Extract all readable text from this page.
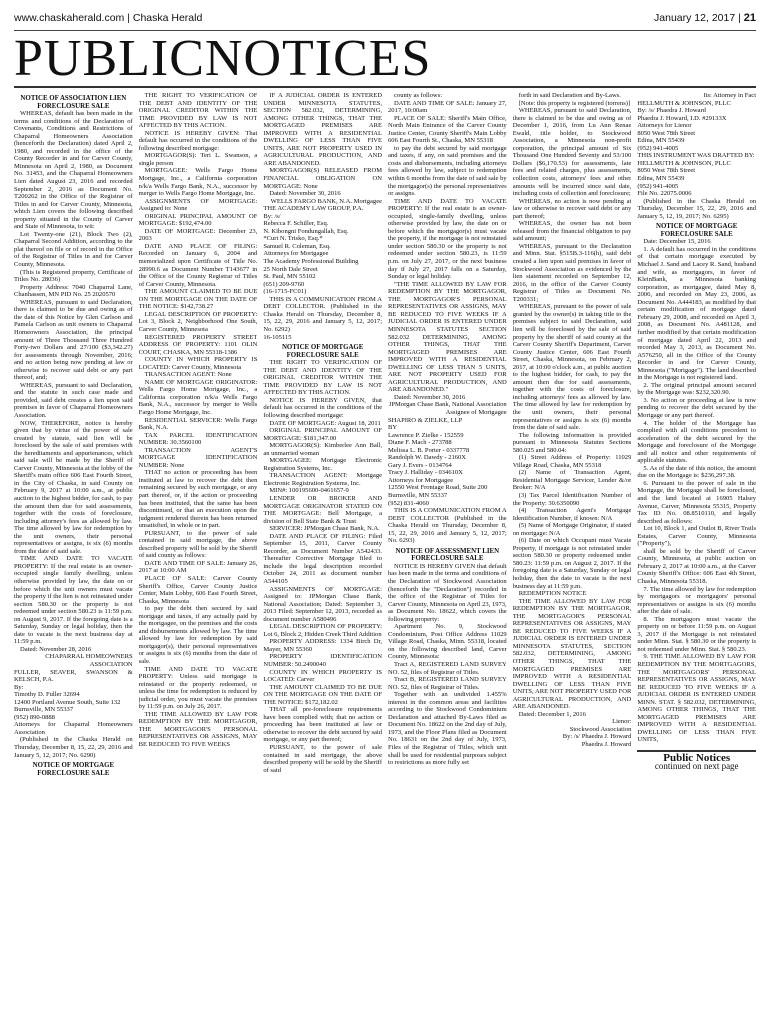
www.chaskaherald.com | Chaska Herald	January 12, 2017 | 21
PUBLICNOTICES

NOTICE OF ASSOCIATION LIEN FORECLOSURE SALE

WHEREAS, default has been made in the terms and conditions of the Declaration of Covenants, Conditions and Restrictions of Chaparral Homeowners Association (henceforth the Declaration) dated April 2, 1980, and recorded in the office of the County Recorder in and for Carver County, Minnesota on April 2, 1980, as Document No. 31453, and the Chaparral Homeowners Lien dated August 23, 2016 and recorded September 2, 2016 as Document No. T200262 in the Office of the Registrar of Titles in and for Carver County, Minnesota, which Lien covers the following described property situated in the County of Carver and State of Minnesota, to wit:

Lot Twenty-one (21), Block Two (2), Chaparral Second Addition, according to the plat thereof on file or of record in the Office of the Registrar of Titles in and for Carver County, Minnesota.

(This is Registered property, Certificate of Titles No. 28036)

Property Address: 7040 Chaparral Lane, Chanhassen, MN PID No. 25 2020570

WHEREAS, pursuant to said Declaration, there is claimed to be due and owing as of the date of this Notice by Glen Carlson and Pamela Carlson as unit owners to Chaparral Homeowners Association, the principal amount of Three Thousand Three Hundred Forty-two Dollars and 27/100 ($3,342.27) for assessments through November, 2016; and no action being now pending at law or otherwise to recover said debt or any part thereof, and;

WHEREAS, pursuant to said Declaration, and the statute in such case made and provided, said debt creates a lien upon said premises in favor of Chaparral Homeowners Association.

NOW, THEREFORE, notice is hereby given that by virtue of the power of sale created by statute, said lien will be foreclosed by the sale of said premises with the hereditaments and appurtenances, which said sale will be made by the Sheriff of Carver County, Minnesota at the lobby of the Sheriff's main office 606 East Fourth Street, in the City of Chaska, in said County on February 9, 2017 at 10:00 a.m., at public auction to the highest bidder, for cash, to pay the amount then due for said assessments, together with the costs of foreclosure, including attorney's fees as allowed by law. The time allowed by law for redemption by the unit owners, their personal representatives or assigns, is six (6) months from the date of said sale.

TIME AND DATE TO VACATE PROPERTY: If the real estate is an owner-occupied single family dwelling, unless otherwise provided by law, the date on or before which the unit owners must vacate the property if the lien is not reinstated under section 580.30 or the property is not redeemed under section 580.23 is 11:59 p.m. on August 9, 2017. If the foregoing date is a Saturday, Sunday or legal holiday, then the date to vacate is the next business day at 11:59 p.m.

Dated: November 28, 2016

CHAPARRAL HOMEOWNERS ASSOCIATION

FULLER, SEAVER, SWANSON & KELSCH, P.A.

By:

Timothy D. Fuller 32694

12400 Portland Avenue South, Suite 132

Burnsville, MN 55337

(952) 890-0888

Attorneys for Chaparral Homeowners Association

(Published in the Chaska Herald on Thursday, December 8, 15, 22, 29, 2016 and January 5, 12, 2017; No. 6290)

NOTICE OF MORTGAGE FORECLOSURE SALE

THE RIGHT TO VERIFICATION OF THE DEBT AND IDENTITY OF THE ORIGINAL CREDITOR WITHIN THE TIME PROVIDED BY LAW IS NOT AFFECTED BY THIS ACTION.

NOTICE IS HEREBY GIVEN: That default has occurred in the conditions of the following described mortgage:

MORTGAGOR(S): Teri L. Swanson, a single person

MORTGAGEE: Wells Fargo Home Mortgage, Inc., a California corporation n/k/a Wells Fargo Bank, N.A., successor by merger to Wells Fargo Home Mortgage, Inc.

ASSIGNMENTS OF MORTGAGE: Assigned to: None

ORIGINAL PRINCIPAL AMOUNT OF MORTGAGE: $192,474.00

DATE OF MORTGAGE: December 23, 2003

DATE AND PLACE OF FILING: Recorded on January 6, 2004 and memorialized upon Certificate of Title No. 28990.6 as Document Number T143677 in the Office of the County Registrar of Titles of Carver County, Minnesota.

THE AMOUNT CLAIMED TO BE DUE ON THE MORTGAGE ON THE DATE OF THE NOTICE: $142,738.27

LEGAL DESCRIPTION OF PROPERTY: Lot 3, Block 2, Neighborhood One South, Carver County, Minnesota

REGISTERED PROPERTY STREET ADDRESS OF PROPERTY: 1101 OLIN COURT, CHASKA, MN 55318-1386

COUNTY IN WHICH PROPERTY IS LOCATED: Carver County, Minnesota

TRANSACTION AGENT: None

NAME OF MORTGAGE ORIGINATOR: Wells Fargo Home Mortgage, Inc., a California corporation n/k/a Wells Fargo Bank, N.A., successor by merger to Wells Fargo Home Mortgage, Inc.

RESIDENTIAL SERVICER: Wells Fargo Bank, N.A.

TAX PARCEL IDENTIFICATION NUMBER: 30.3560100

TRANSACTION AGENT'S MORTGAGE IDENTIFICATION NUMBER: None

THAT no action or proceeding has been instituted at law to recover the debt then remaining secured by such mortgage, or any part thereof, or, if the action or proceeding has been instituted, that the same has been discontinued, or that an execution upon the judgment rendered therein has been returned unsatisfied, in whole or in part.

PURSUANT, to the power of sale contained in said mortgage, the above described property will be sold by the Sheriff of said county as follows:

DATE AND TIME OF SALE: January 26, 2017 at 10:00 AM

PLACE OF SALE: Carver County Sheriff's Office, Carver County Justice Center, Main Lobby, 606 East Fourth Street, Chaska, Minnesota

to pay the debt then secured by said mortgage and taxes, if any actually paid by the mortgagee, on the premises and the costs and disbursements allowed by law. The time allowed by law for redemption by said mortgagor(s), their personal representatives or assigns is six (6) months from the date of sale.

TIME AND DATE TO VACATE PROPERTY: Unless said mortgage is reinstated or the property redeemed, or unless the time for redemption is reduced by judicial order, you must vacate the premises by 11:59 p.m. on July 26, 2017.

THE TIME ALLOWED BY LAW FOR REDEMPTION BY THE MORTGAGOR, THE MORTGAGOR'S PERSONAL REPRESENTATIVES OR ASSIGNS, MAY BE REDUCED TO FIVE WEEKS

IF A JUDICIAL ORDER IS ENTERED UNDER MINNESOTA STATUTES, SECTION 582.032, DETERMINING, AMONG OTHER THINGS, THAT THE MORTGAGED PREMISES ARE IMPROVED WITH A RESIDENTIAL DWELLING OF LESS THAN FIVE UNITS, ARE NOT PROPERTY USED IN AGRICULTURAL PRODUCTION, AND ARE ABANDONED.

MORTGAGOR(S) RELEASED FROM FINANCIAL OBLIGATION ON MORTGAGE: None

Dated: November 30, 2016

WELLS FARGO BANK, N.A. Mortgagee

THE ACADEMY LAW GROUP, P.A.

By: /s/

Rebecca F. Schiller, Esq.

N. Kibongni Fondungallah, Esq.

*Curt N. Trisko, Esq.*

Samuel R. Coleman, Esq.

Attorneys for Mortgagee

The Academy Professional Building

25 North Dale Street

St. Paul, MN 55102

(651) 209-9760

(16-1715-FC01)

THIS IS A COMMUNICATION FROM A DEBT COLLECTOR. (Published in the Chaska Herald on Thursday, December 8, 15, 22, 29, 2016 and January 5, 12, 2017; No. 6292)

16-105115

NOTICE OF MORTGAGE FORECLOSURE SALE

THE RIGHT TO VERIFICATION OF THE DEBT AND IDENTITY OF THE ORIGINAL CREDITOR WITHIN THE TIME PROVIDED BY LAW IS NOT AFFECTED BY THIS ACTION.

NOTICE IS HEREBY GIVEN, that default has occurred in the conditions of the following described mortgage:

DATE OF MORTGAGE: August 18, 2011

ORIGINAL PRINCIPAL AMOUNT OF MORTGAGE: $181,347.00

MORTGAGOR(S): Kimberlee Ann Ball, an unmarried woman

MORTGAGEE: Mortgage Electronic Registration Systems, Inc.

TRANSACTION AGENT: Mortgage Electronic Registration Systems, Inc.

MIN#: 100195600-0461657-9

LENDER OR BROKER AND MORTGAGE ORIGINATOR STATED ON THE MORTGAGE: Bell Mortgage, a division of Bell State Bank & Trust

SERVICER: JPMorgan Chase Bank, N.A.

DATE AND PLACE OF FILING: Filed September 15, 2011, Carver County Recorder, as Document Number A542433. Thereafter Corrective Mortgage filed to include the legal description recorded October 24, 2011 as document number A544105

ASSIGNMENTS OF MORTGAGE: Assigned to: JPMorgan Chase Bank, National Association; Dated: September 3, 2013 Filed: September 12, 2013, recorded as document number A580496

LEGAL DESCRIPTION OF PROPERTY: Lot 6, Block 2, Hidden Creek Third Addition

PROPERTY ADDRESS: 1334 Birch Dr, Mayer, MN 55360

PROPERTY IDENTIFICATION NUMBER: 50.2490040

COUNTY IN WHICH PROPERTY IS LOCATED: Carver

THE AMOUNT CLAIMED TO BE DUE ON THE MORTGAGE ON THE DATE OF THE NOTICE: $172,182.02

THAT all pre-foreclosure requirements have been complied with; that no action or proceeding has been instituted at law or otherwise to recover the debt secured by said mortgage, or any part thereof;

PURSUANT, to the power of sale contained in said mortgage, the above described property will be sold by the Sheriff of said

county as follows:

DATE AND TIME OF SALE: January 27, 2017, 10:00am

PLACE OF SALE: Sheriff's Main Office, North Main Entrance of the Carver County Justice Center, County Sheriff's Main Lobby 606 East Fourth St., Chaska, MN 55318

to pay the debt secured by said mortgage and taxes, if any, on said premises and the costs and disbursements, including attorneys fees allowed by law, subject to redemption within 6 months from the date of said sale by the mortgagor(s) the personal representatives or assigns.

TIME AND DATE TO VACATE PROPERTY: If the real estate is an owner-occupied, single-family dwelling, unless otherwise provided by law, the date on or before which the mortgagor(s) must vacate the property, if the mortgage is not reinstated under section 580.30 or the property is not redeemed under section 580.23, is 11:59 p.m. on July 27, 2017, or the next business day if July 27, 2017 falls on a Saturday, Sunday or legal holiday.

"THE TIME ALLOWED BY LAW FOR REDEMPTION BY THE MORTGAGOR, THE MORTGAGOR'S PERSONAL REPRESENTATIVES OR ASSIGNS, MAY BE REDUCED TO FIVE WEEKS IF A JUDICIAL ORDER IS ENTERED UNDER MINNESOTA STATUTES SECTION 582.032 DETERMINING, AMONG OTHER THINGS, THAT THE MORTGAGED PREMISES ARE IMPROVED WITH A RESIDENTIAL DWELLING OF LESS THAN 5 UNITS, ARE NOT PROPERTY USED FOR AGRICULTURAL PRODUCTION, AND ARE ABANDONED."

Dated: November 30, 2016

JPMorgan Chase Bank, National Association Assignee of Mortgagee

SHAPIRO & ZIELKE, LLP

BY

Lawrence P. Zielke - 152559

Diane F. Mach - 273788

Melissa L. B. Porter - 0337778

Randolph W. Dawdy - 2160X

Gary J. Evers - 0134764

Tracy J. Halliday - 034610X

Attorneys for Mortgagee

12550 West Frontage Road, Suite 200

Burnsville, MN 55337

(952) 831-4060

THIS IS A COMMUNICATION FROM A DEBT COLLECTOR (Published in the Chaska Herald on Thursday, December 8, 15, 22, 29, 2016 and January 5, 12, 2017; No. 6293)

NOTICE OF ASSESSMENT LIEN FORECLOSURE SALE

NOTICE IS HEREBY GIVEN that default has been made in the terms and conditions of the Declaration of Stockwood Association (henceforth the "Declaration") recorded in the office of the Registrar of Titles for Carver County, Minnesota on April 23, 1973, as Document No. 18622, which covers the following property:

Apartment No. 9, Stockwood Condominium, Post Office Address 11029 Village Road, Chaska, Minn. 55318, located on the following described land, Carver County, Minnesota:

Tract A, REGISTERED LAND SURVEY NO. 52, files of Registrar of Titles.

Tract B, REGISTERED LAND SURVEY NO. 52, files of Registrar of Titles.

Together with an undivided 1.455% interest in the common areas and facilities according to the Stockwood Condominium Declaration and attached By-Laws filed as Document No. 18622 on the 2nd day of July, 1973, and the Floor Plans filed as Document No. 18631 on the 2nd day of July, 1973, Files of the Registrar of Titles, which unit shall be used for residential purposes subject to restrictions as more fully set

forth in said Declaration and By-Laws.

[Note: this property is registered (torrens)]

WHEREAS, pursuant to said Declaration, there is claimed to be due and owing as of December 1, 2016, from Lu Ann Renae Ewald, title holder, to Stockwood Association, a Minnesota non-profit corporation, the principal amount of Six Thousand One Hundred Seventy and 53/100 Dollars ($6,170.53) for assessments, late fees and related charges, plus assessments, collection costs, attorneys' fees and other amounts will be incurred since said date, including costs of collection and foreclosure;

WHEREAS, no action is now pending at law or otherwise to recover said debt or any part thereof;

WHEREAS, the owner has not been released from the financial obligation to pay said amount;

WHEREAS, pursuant to the Declaration and Minn. Stat. §515B.3-116(h), said debt created a lien upon said premises in favor of Stockwood Association as evidenced by the lien statement recorded on September 12, 2016, in the office of the Carver County Registrar of Titles as Document No. T200331;

WHEREAS, pursuant to the power of sale granted by the owner(s) in taking title to the premises subject to said Declaration, said lien will be foreclosed by the sale of said property by the sheriff of said county at the Carver County Sheriff's Department, Carver County Justice Center, 606 East Fourth Street, Chaska, Minnesota, on February 2, 2017, at 10:00 o'clock a.m., at public auction to the highest bidder, for cash, to pay the amount then due for said assessments, together with the costs of foreclosure, including attorneys' fees as allowed by law. The time allowed by law for redemption by the unit owners, their personal representatives or assigns is six (6) months from the date of said sale.

The following information is provided pursuant to Minnesota Statutes Sections 580.025 and 580.04:

(1) Street Address of Property: 11029 Village Road, Chaska, MN 55318

(2) Name of Transaction Agent, Residential Mortgage Servicer, Lender &/or Broker: N/A

(3) Tax Parcel Identification Number of the Property: 30.6350090

(4) Transaction Agent's Mortgage Identification Number, if known: N/A

(5) Name of Mortgage Originator, if stated on mortgage: N/A

(6) Date on which Occupant must Vacate Property, if mortgage is not reinstated under section 580.30 or property redeemed under 580.23: 11:59 p.m. on August 2, 2017. If the foregoing date is a Saturday, Sunday or legal holiday, then the date to vacate is the next business day at 11:59 p.m.

REDEMPTION NOTICE

THE TIME ALLOWED BY LAW FOR REDEMPTION BY THE MORTGAGOR, THE MORTGAGOR'S PERSONAL REPRESENTATIVES OR ASSIGNS, MAY BE REDUCED TO FIVE WEEKS IF A JUDICIAL ORDER IS ENTERED UNDER MINNESOTA STATUTES, SECTION 582.032, DETERMINING, AMONG OTHER THINGS, THAT THE MORTGAGED PREMISES ARE IMPROVED WITH A RESIDENTIAL DWELLING OF LESS THAN FIVE UNITS, ARE NOT PROPERTY USED FOR AGRICULTURAL PRODUCTION, AND ARE ABANDONED.

Dated: December 1, 2016

Lienor:

Stockwood Association

By: /s/ Phaedra J. Howard

Phaedra J. Howard

Its: Attorney in Fact

HELLMUTH & JOHNSON, PLLC

By: /s/ Phaedra J. Howard

Phaedra J. Howard, I.D. #29133X

Attorneys for Lienor

8050 West 78th Street

Edina, MN 55439

(952) 941-4005

THIS INSTRUMENT WAS DRAFTED BY:

HELLMUTH & JOHNSON, PLLC

8050 West 78th Street

Edina, MN 55439

(952) 941-4005

File No. 22075.0006

(Published in the Chaska Herald on Thursday, December 15, 22, 29, 2016 and January 5, 12, 19, 2017; No. 6295)

NOTICE OF MORTGAGE FORECLOSURE SALE

Date: December 15, 2016

1. A default has occurred in the conditions of that certain mortgage executed by Michael J. Sand and Lacey R. Sand, husband and wife, as mortgagors, in favor of KleinBank, a Minnesota banking corporation, as mortgagee, dated May 8, 2006, and recorded on May 23, 2006, as Document No. A444183, as modified by that certain modification of mortgage dated February 29, 2008, and recorded on April 3, 2008, as Document No. A481128, and further modified by that certain modification of mortgage dated April 22, 2013 and recorded May 3, 2013, as Document No. A576250, all in the Office of the County Recorder in and for Carver County, Minnesota ("Mortgage"). The land described in the Mortgage is not registered land.

2. The original principal amount secured by the Mortgage was: $232,320.90.

3. No action or proceeding at law is now pending to recover the debt secured by the Mortgage or any part thereof.

4. The holder of the Mortgage has complied with all conditions precedent to acceleration of the debt secured by the Mortgage and foreclosure of the Mortgage and all notice and other requirements of applicable statutes.

5. As of the date of this notice, the amount due on the Mortgage is: $236,297.38.

6. Pursuant to the power of sale in the Mortgage, the Mortgage shall be foreclosed, and the land located at 16905 Halsey Avenue, Carver, Minnesota 55315, Property Tax ID No. 08.8510110, and legally described as follows:

Lot 10, Block 1, and Outlot B, River Trails Estates, Carver County, Minnesota ("Property"),

shall be sold by the Sheriff of Carver County, Minnesota, at public auction on February 2, 2017 at 10:00 a.m., at the Carver County Sheriff's Office: 606 East 4th Street, Chaska, Minnesota 55318.

7. The time allowed by law for redemption by mortgagors or mortgagors' personal representatives or assigns is six (6) months after the date of sale.

8. The mortgagors must vacate the property on or before 11:59 p.m. on August 3, 2017 if the Mortgage is not reinstated under Minn. Stat. § 580.30 or the property is not redeemed under Minn. Stat. § 580.23.

9. THE TIME ALLOWED BY LAW FOR REDEMPTION BY THE MORTGAGORS, THE MORTGAGORS' PERSONAL REPRESENTATIVES OR ASSIGNS, MAY BE REDUCED TO FIVE WEEKS IF A JUDICIAL ORDER IS ENTERED UNDER MINN. STAT. § 582.032, DETERMINING, AMONG OTHER THINGS, THAT THE MORTGAGED PREMISES ARE IMPROVED WITH A RESIDENTIAL DWELLING OF LESS THAN FIVE UNITS,

Public Notices
continued on next page
